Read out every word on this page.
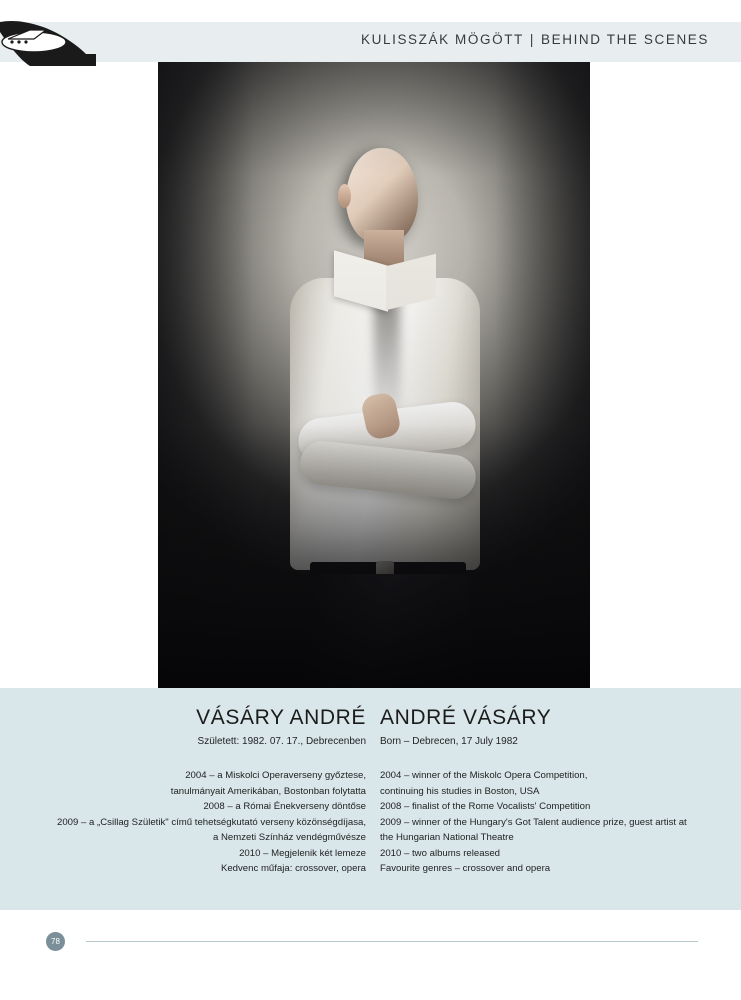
KULISSZÁK MÖGÖTT | BEHIND THE SCENES
VÁSÁRY ANDRÉ ANDRÉ VÁSÁRY
Született: 1982. 07. 17., Debrecenben Born – Debrecen, 17 July 1982
2004 – a Miskolci Operaverseny győztese,
tanulmányait Amerikában, Bostonban folytatta
2008 – a Római Énekverseny döntőse
2009 – a „Csillag Születik" című tehetségkutató verseny közönségdíjasa,
a Nemzeti Színház vendégművésze
2010 – Megjelenik két lemeze
Kedvenc műfaja: crossover, opera
2004 – winner of the Miskolc Opera Competition,
continuing his studies in Boston, USA
2008 – finalist of the Rome Vocalists' Competition
2009 – winner of the Hungary's Got Talent audience prize, guest artist at
the Hungarian National Theatre
2010 – two albums released
Favourite genres – crossover and opera
78
